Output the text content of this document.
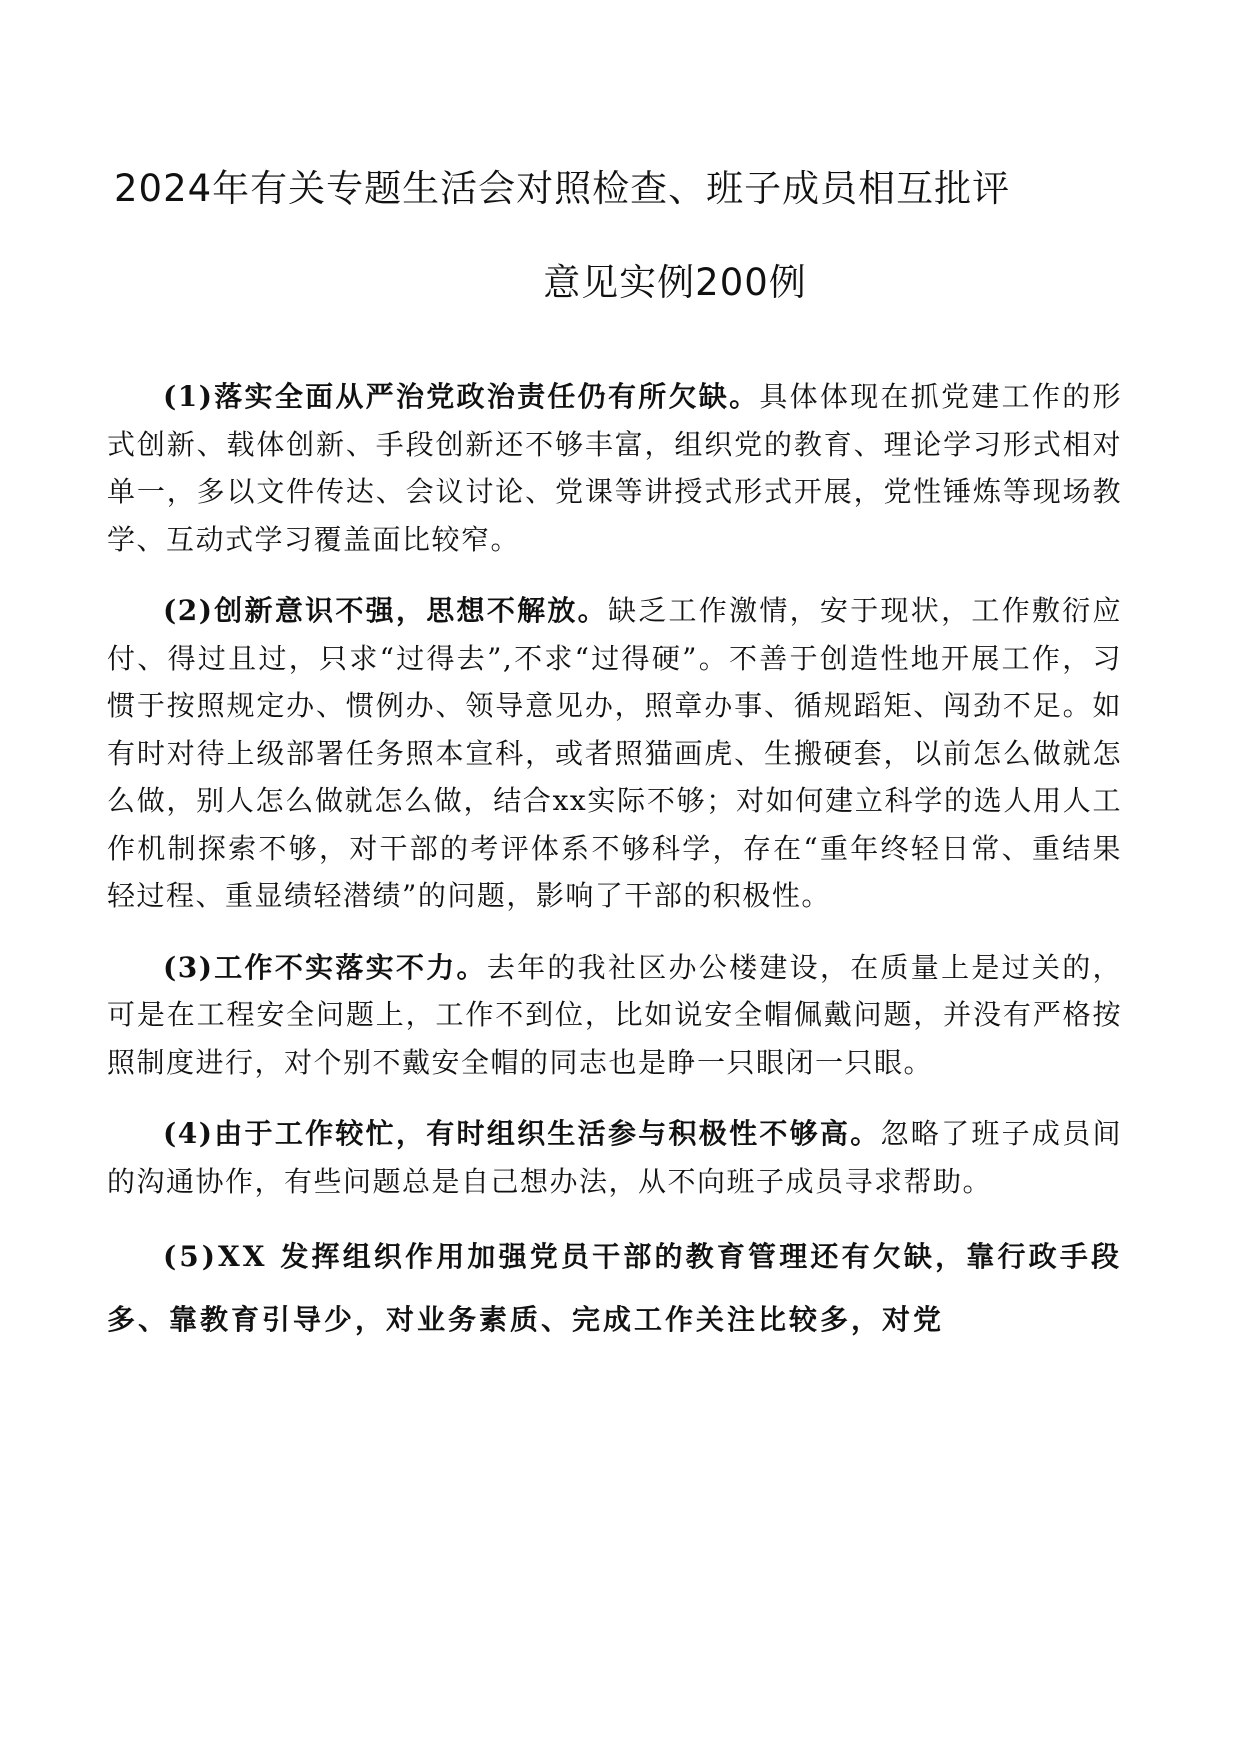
2024年有关专题生活会对照检查、班子成员相互批评
意见实例200例

(1)落实全面从严治党政治责任仍有所欠缺。具体体现在抓党建工作的形式创新、载体创新、手段创新还不够丰富，组织党的教育、理论学习形式相对单一，多以文件传达、会议讨论、党课等讲授式形式开展，党性锤炼等现场教学、互动式学习覆盖面比较窄。

(2)创新意识不强，思想不解放。缺乏工作激情，安于现状，工作敷衍应付、得过且过，只求“过得去”,不求“过得硬”。不善于创造性地开展工作，习惯于按照规定办、惯例办、领导意见办，照章办事、循规蹈矩、闯劲不足。如有时对待上级部署任务照本宣科，或者照猫画虎、生搬硬套，以前怎么做就怎么做，别人怎么做就怎么做，结合xx实际不够；对如何建立科学的选人用人工作机制探索不够，对干部的考评体系不够科学，存在“重年终轻日常、重结果轻过程、重显绩轻潜绩”的问题，影响了干部的积极性。

(3)工作不实落实不力。去年的我社区办公楼建设，在质量上是过关的，可是在工程安全问题上，工作不到位，比如说安全帽佩戴问题，并没有严格按照制度进行，对个别不戴安全帽的同志也是睁一只眼闭一只眼。

(4)由于工作较忙，有时组织生活参与积极性不够高。忽略了班子成员间的沟通协作，有些问题总是自己想办法，从不向班子成员寻求帮助。

(5)XX 发挥组织作用加强党员干部的教育管理还有欠缺，靠行政手段多、靠教育引导少，对业务素质、完成工作关注比较多，对党
